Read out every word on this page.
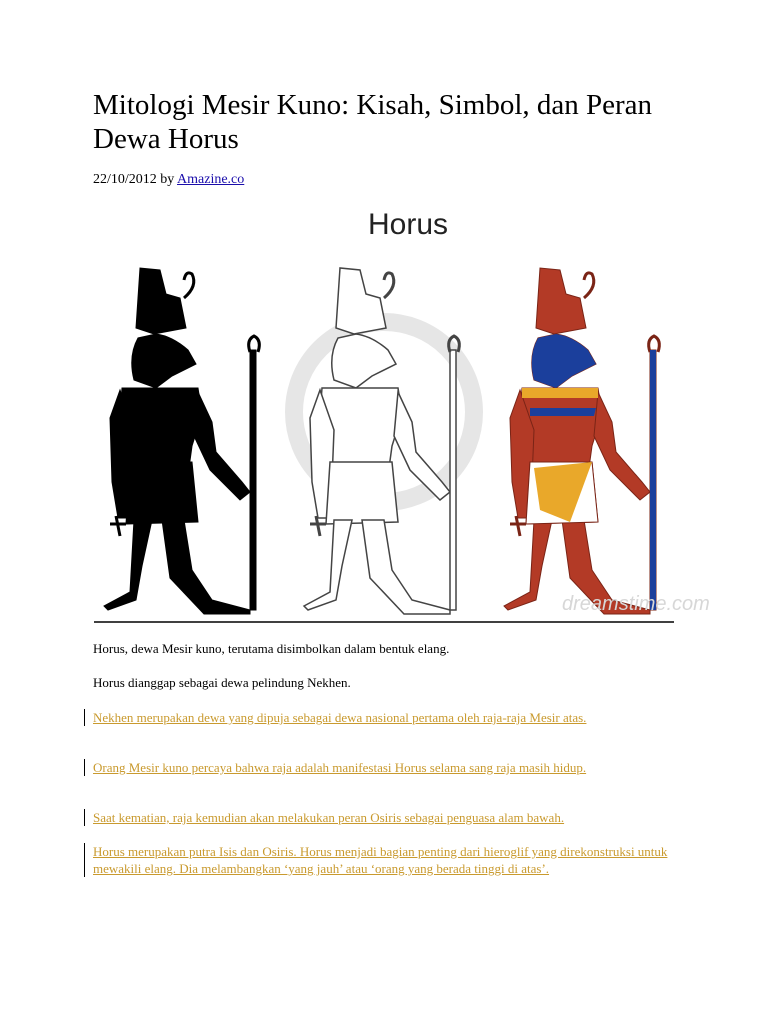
Mitologi Mesir Kuno: Kisah, Simbol, dan Peran Dewa Horus
22/10/2012 by Amazine.co
Horus
dreamstime.com

Horus, dewa Mesir kuno, terutama disimbolkan dalam bentuk elang.

Horus dianggap sebagai dewa pelindung Nekhen.

Nekhen merupakan dewa yang dipuja sebagai dewa nasional pertama oleh raja-raja Mesir atas.
Orang Mesir kuno percaya bahwa raja adalah manifestasi Horus selama sang raja masih hidup.
Saat kematian, raja kemudian akan melakukan peran Osiris sebagai penguasa alam bawah.
Horus merupakan putra Isis dan Osiris. Horus menjadi bagian penting dari hieroglif yang direkonstruksi untuk mewakili elang. Dia melambangkan ‘yang jauh’ atau ‘orang yang berada tinggi di atas’.
